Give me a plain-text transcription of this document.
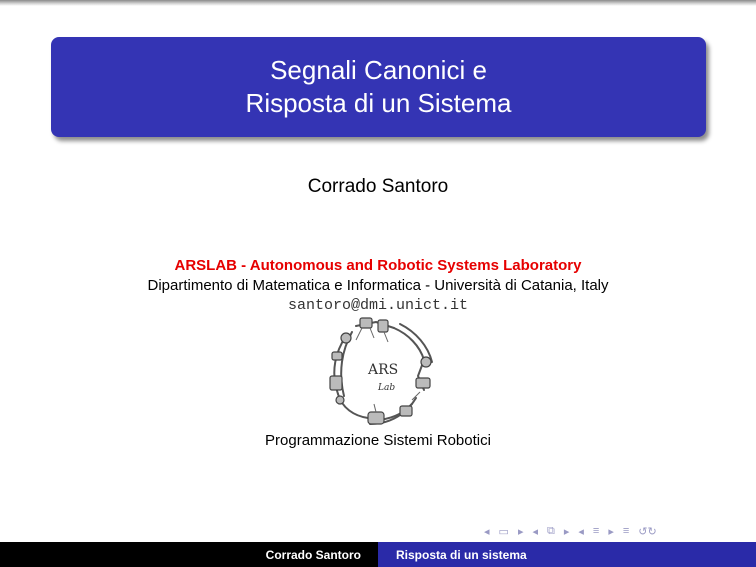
Segnali Canonici e
Risposta di un Sistema
Corrado Santoro
ARSLAB - Autonomous and Robotic Systems Laboratory
Dipartimento di Matematica e Informatica - Università di Catania, Italy
santoro@dmi.unict.it
ARS
Lab
Programmazione Sistemi Robotici
◂ ▭ ▸ ◂ ⧉ ▸ ◂ ≡ ▸ ≡ ↺↻
Corrado Santoro	Risposta di un sistema
